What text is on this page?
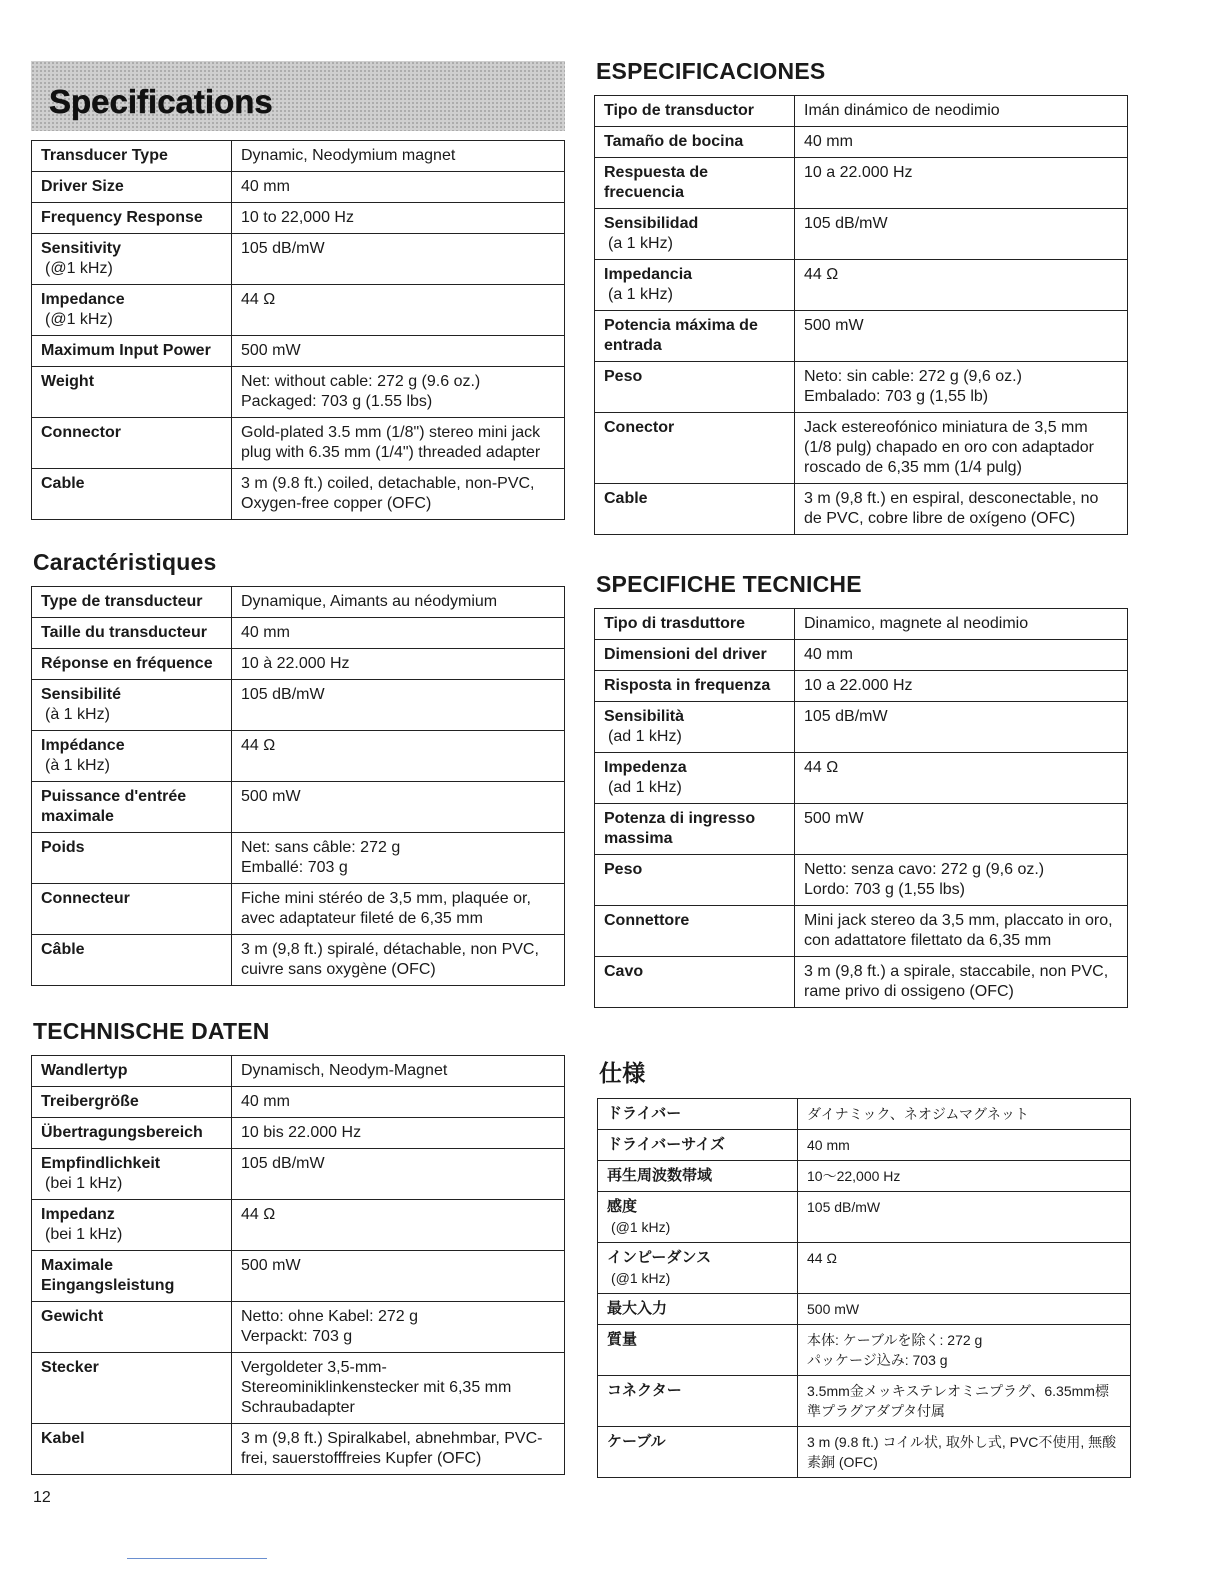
Specifications
Transducer Type	Dynamic, Neodymium magnet

Driver Size	40 mm

Frequency Response	10 to 22,000 Hz

Sensitivity
(@1 kHz)	105 dB/mW

Impedance
(@1 kHz)	44 Ω

Maximum Input Power	500 mW

Weight	Net: without cable: 272 g (9.6 oz.)
Packaged: 703 g (1.55 lbs)

Connector	Gold-plated 3.5 mm (1/8") stereo mini jack plug with 6.35 mm (1/4") threaded adapter

Cable	3 m (9.8 ft.) coiled, detachable, non-PVC, Oxygen-free copper (OFC)
Caractéristiques
Type de transducteur	Dynamique, Aimants au néodymium

Taille du transducteur	40 mm

Réponse en fréquence	10 à 22.000 Hz

Sensibilité
(à 1 kHz)	105 dB/mW

Impédance
(à 1 kHz)	44 Ω

Puissance d'entrée maximale	500 mW

Poids	Net: sans câble: 272 g
Emballé: 703 g

Connecteur	Fiche mini stéréo de 3,5 mm, plaquée or, avec adaptateur fileté de 6,35 mm

Câble	3 m (9,8 ft.) spiralé, détachable, non PVC, cuivre sans oxygène (OFC)
TECHNISCHE DATEN
Wandlertyp	Dynamisch, Neodym-Magnet

Treibergröße	40 mm

Übertragungsbereich	10 bis 22.000 Hz

Empfindlichkeit
(bei 1 kHz)	105 dB/mW

Impedanz
(bei 1 kHz)	44 Ω

Maximale Eingangsleistung	500 mW

Gewicht	Netto: ohne Kabel: 272 g
Verpackt: 703 g

Stecker	Vergoldeter 3,5-mm-Stereominiklinkenstecker mit 6,35 mm Schraubadapter

Kabel	3 m (9,8 ft.) Spiralkabel, abnehmbar, PVC-frei, sauerstofffreies Kupfer (OFC)
ESPECIFICACIONES
Tipo de transductor	Imán dinámico de neodimio

Tamaño de bocina	40 mm

Respuesta de frecuencia	10 a 22.000 Hz

Sensibilidad
(a 1 kHz)	105 dB/mW

Impedancia
(a 1 kHz)	44 Ω

Potencia máxima de entrada	500 mW

Peso	Neto: sin cable: 272 g (9,6 oz.)
Embalado: 703 g (1,55 lb)

Conector	Jack estereofónico miniatura de 3,5 mm (1/8 pulg) chapado en oro con adaptador roscado de 6,35 mm (1/4 pulg)

Cable	3 m (9,8 ft.) en espiral, desconectable, no de PVC, cobre libre de oxígeno (OFC)
SPECIFICHE TECNICHE
Tipo di trasduttore	Dinamico, magnete al neodimio

Dimensioni del driver	40 mm

Risposta in frequenza	10 a 22.000 Hz

Sensibilità
(ad 1 kHz)	105 dB/mW

Impedenza
(ad 1 kHz)	44 Ω

Potenza di ingresso massima	500 mW

Peso	Netto: senza cavo: 272 g (9,6 oz.)
Lordo: 703 g (1,55 lbs)

Connettore	Mini jack stereo da 3,5 mm, placcato in oro, con adattatore filettato da 6,35 mm

Cavo	3 m (9,8 ft.) a spirale, staccabile, non PVC, rame privo di ossigeno (OFC)
仕様
ドライバー	ダイナミック、ネオジムマグネット

ドライバーサイズ	40 mm

再生周波数帯域	10〜22,000 Hz

感度
(@1 kHz)	105 dB/mW

インピーダンス
(@1 kHz)	44 Ω

最大入力	500 mW

質量	本体: ケーブルを除く: 272 g
パッケージ込み: 703 g

コネクター	3.5mm金メッキステレオミニプラグ、6.35mm標準プラグアダプタ付属

ケーブル	3 m (9.8 ft.) コイル状, 取外し式, PVC不使用, 無酸素銅 (OFC)
12
